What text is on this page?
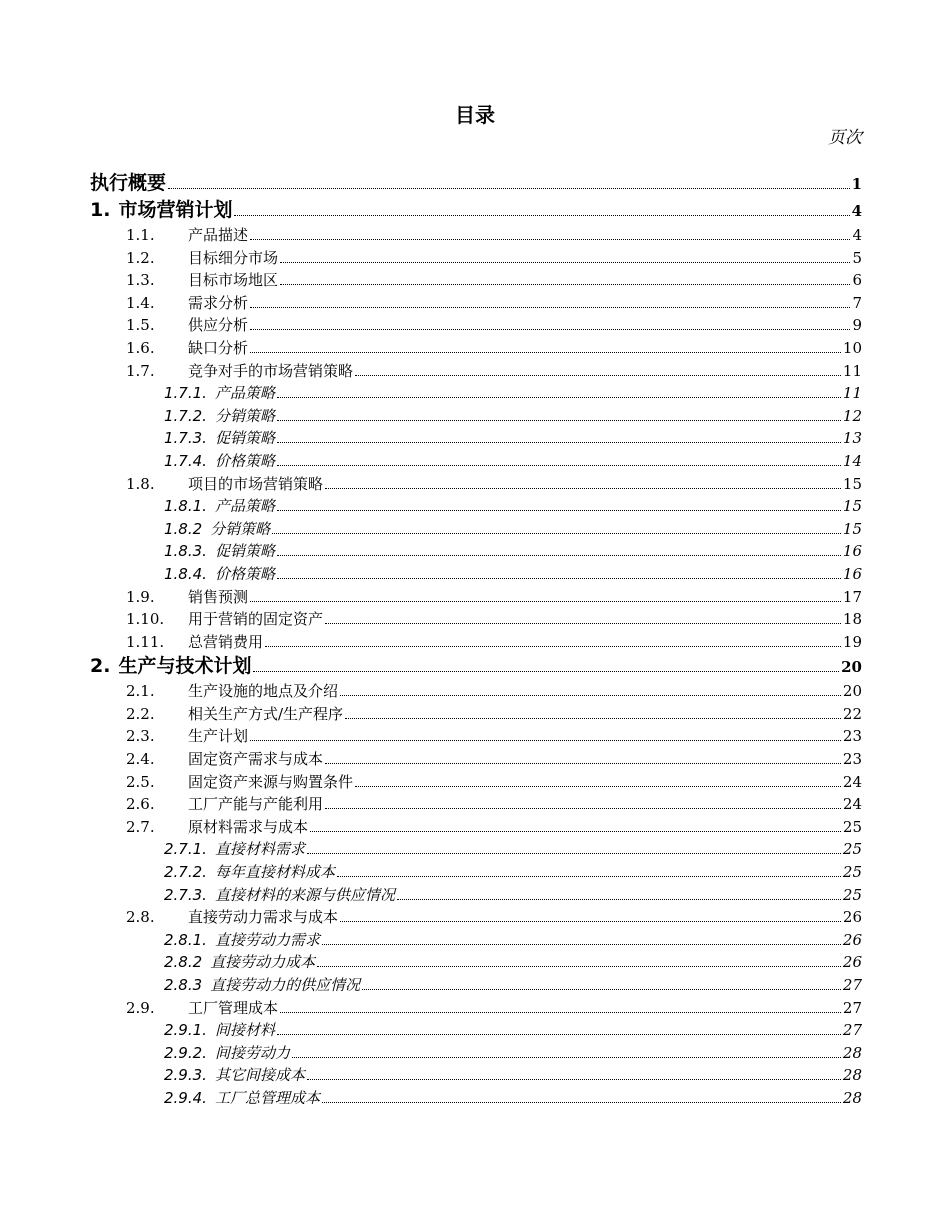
目录
页次
执行概要	1
1. 市场营销计划	4
1.1. 产品描述	4
1.2. 目标细分市场	5
1.3. 目标市场地区	6
1.4. 需求分析	7
1.5. 供应分析	9
1.6. 缺口分析	10
1.7. 竞争对手的市场营销策略	11
1.7.1. 产品策略	11
1.7.2. 分销策略	12
1.7.3. 促销策略	13
1.7.4. 价格策略	14
1.8. 项目的市场营销策略	15
1.8.1. 产品策略	15
1.8.2 分销策略	15
1.8.3. 促销策略	16
1.8.4. 价格策略	16
1.9. 销售预测	17
1.10. 用于营销的固定资产	18
1.11. 总营销费用	19
2. 生产与技术计划	20
2.1. 生产设施的地点及介绍	20
2.2. 相关生产方式/生产程序	22
2.3. 生产计划	23
2.4. 固定资产需求与成本	23
2.5. 固定资产来源与购置条件	24
2.6. 工厂产能与产能利用	24
2.7. 原材料需求与成本	25
2.7.1. 直接材料需求	25
2.7.2. 每年直接材料成本	25
2.7.3. 直接材料的来源与供应情况	25
2.8. 直接劳动力需求与成本	26
2.8.1. 直接劳动力需求	26
2.8.2 直接劳动力成本	26
2.8.3 直接劳动力的供应情况	27
2.9. 工厂管理成本	27
2.9.1. 间接材料	27
2.9.2. 间接劳动力	28
2.9.3. 其它间接成本	28
2.9.4. 工厂总管理成本	28
